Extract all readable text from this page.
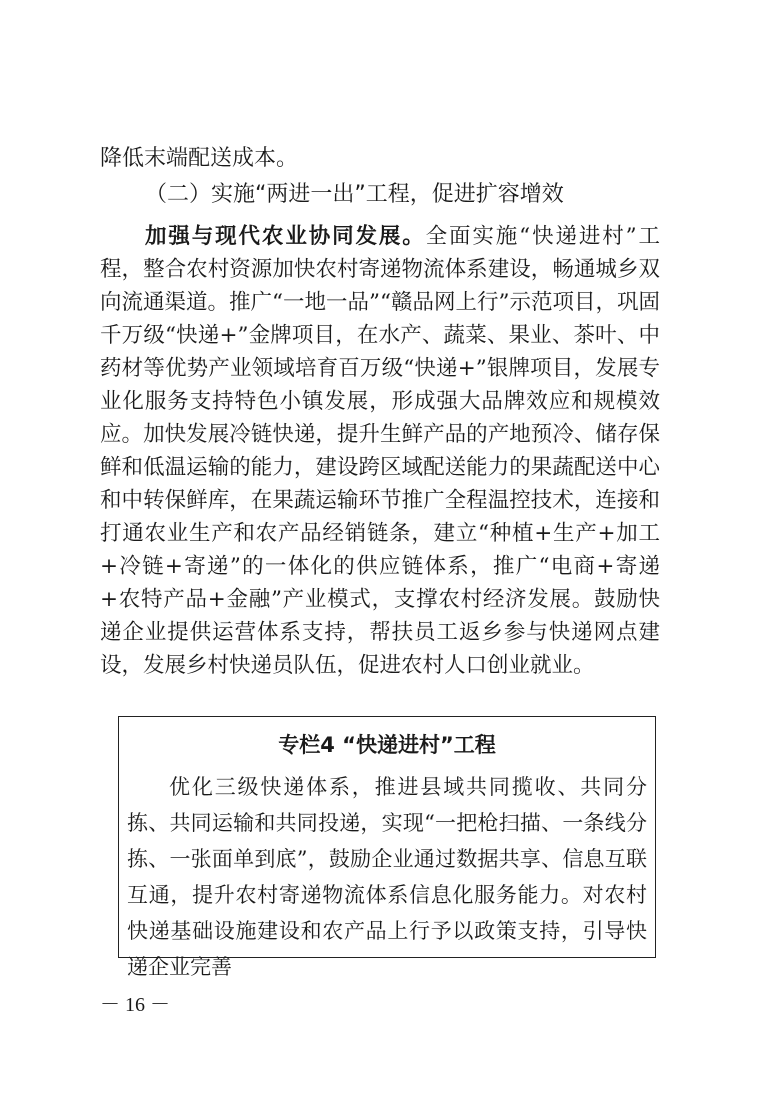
降低末端配送成本。
（二）实施“两进一出”工程，促进扩容增效
加强与现代农业协同发展。全面实施“快递进村”工程，整合农村资源加快农村寄递物流体系建设，畅通城乡双向流通渠道。推广“一地一品”“赣品网上行”示范项目，巩固千万级“快递+”金牌项目，在水产、蔬菜、果业、茶叶、中药材等优势产业领域培育百万级“快递+”银牌项目，发展专业化服务支持特色小镇发展，形成强大品牌效应和规模效应。加快发展冷链快递，提升生鲜产品的产地预冷、储存保鲜和低温运输的能力，建设跨区域配送能力的果蔬配送中心和中转保鲜库，在果蔬运输环节推广全程温控技术，连接和打通农业生产和农产品经销链条，建立“种植+生产+加工+冷链+寄递”的一体化的供应链体系，推广“电商+寄递+农特产品+金融”产业模式，支撑农村经济发展。鼓励快递企业提供运营体系支持，帮扶员工返乡参与快递网点建设，发展乡村快递员队伍，促进农村人口创业就业。
专栏4 “快递进村”工程
优化三级快递体系，推进县域共同揽收、共同分拣、共同运输和共同投递，实现“一把枪扫描、一条线分拣、一张面单到底”，鼓励企业通过数据共享、信息互联互通，提升农村寄递物流体系信息化服务能力。对农村快递基础设施建设和农产品上行予以政策支持，引导快递企业完善
－ 16 －
